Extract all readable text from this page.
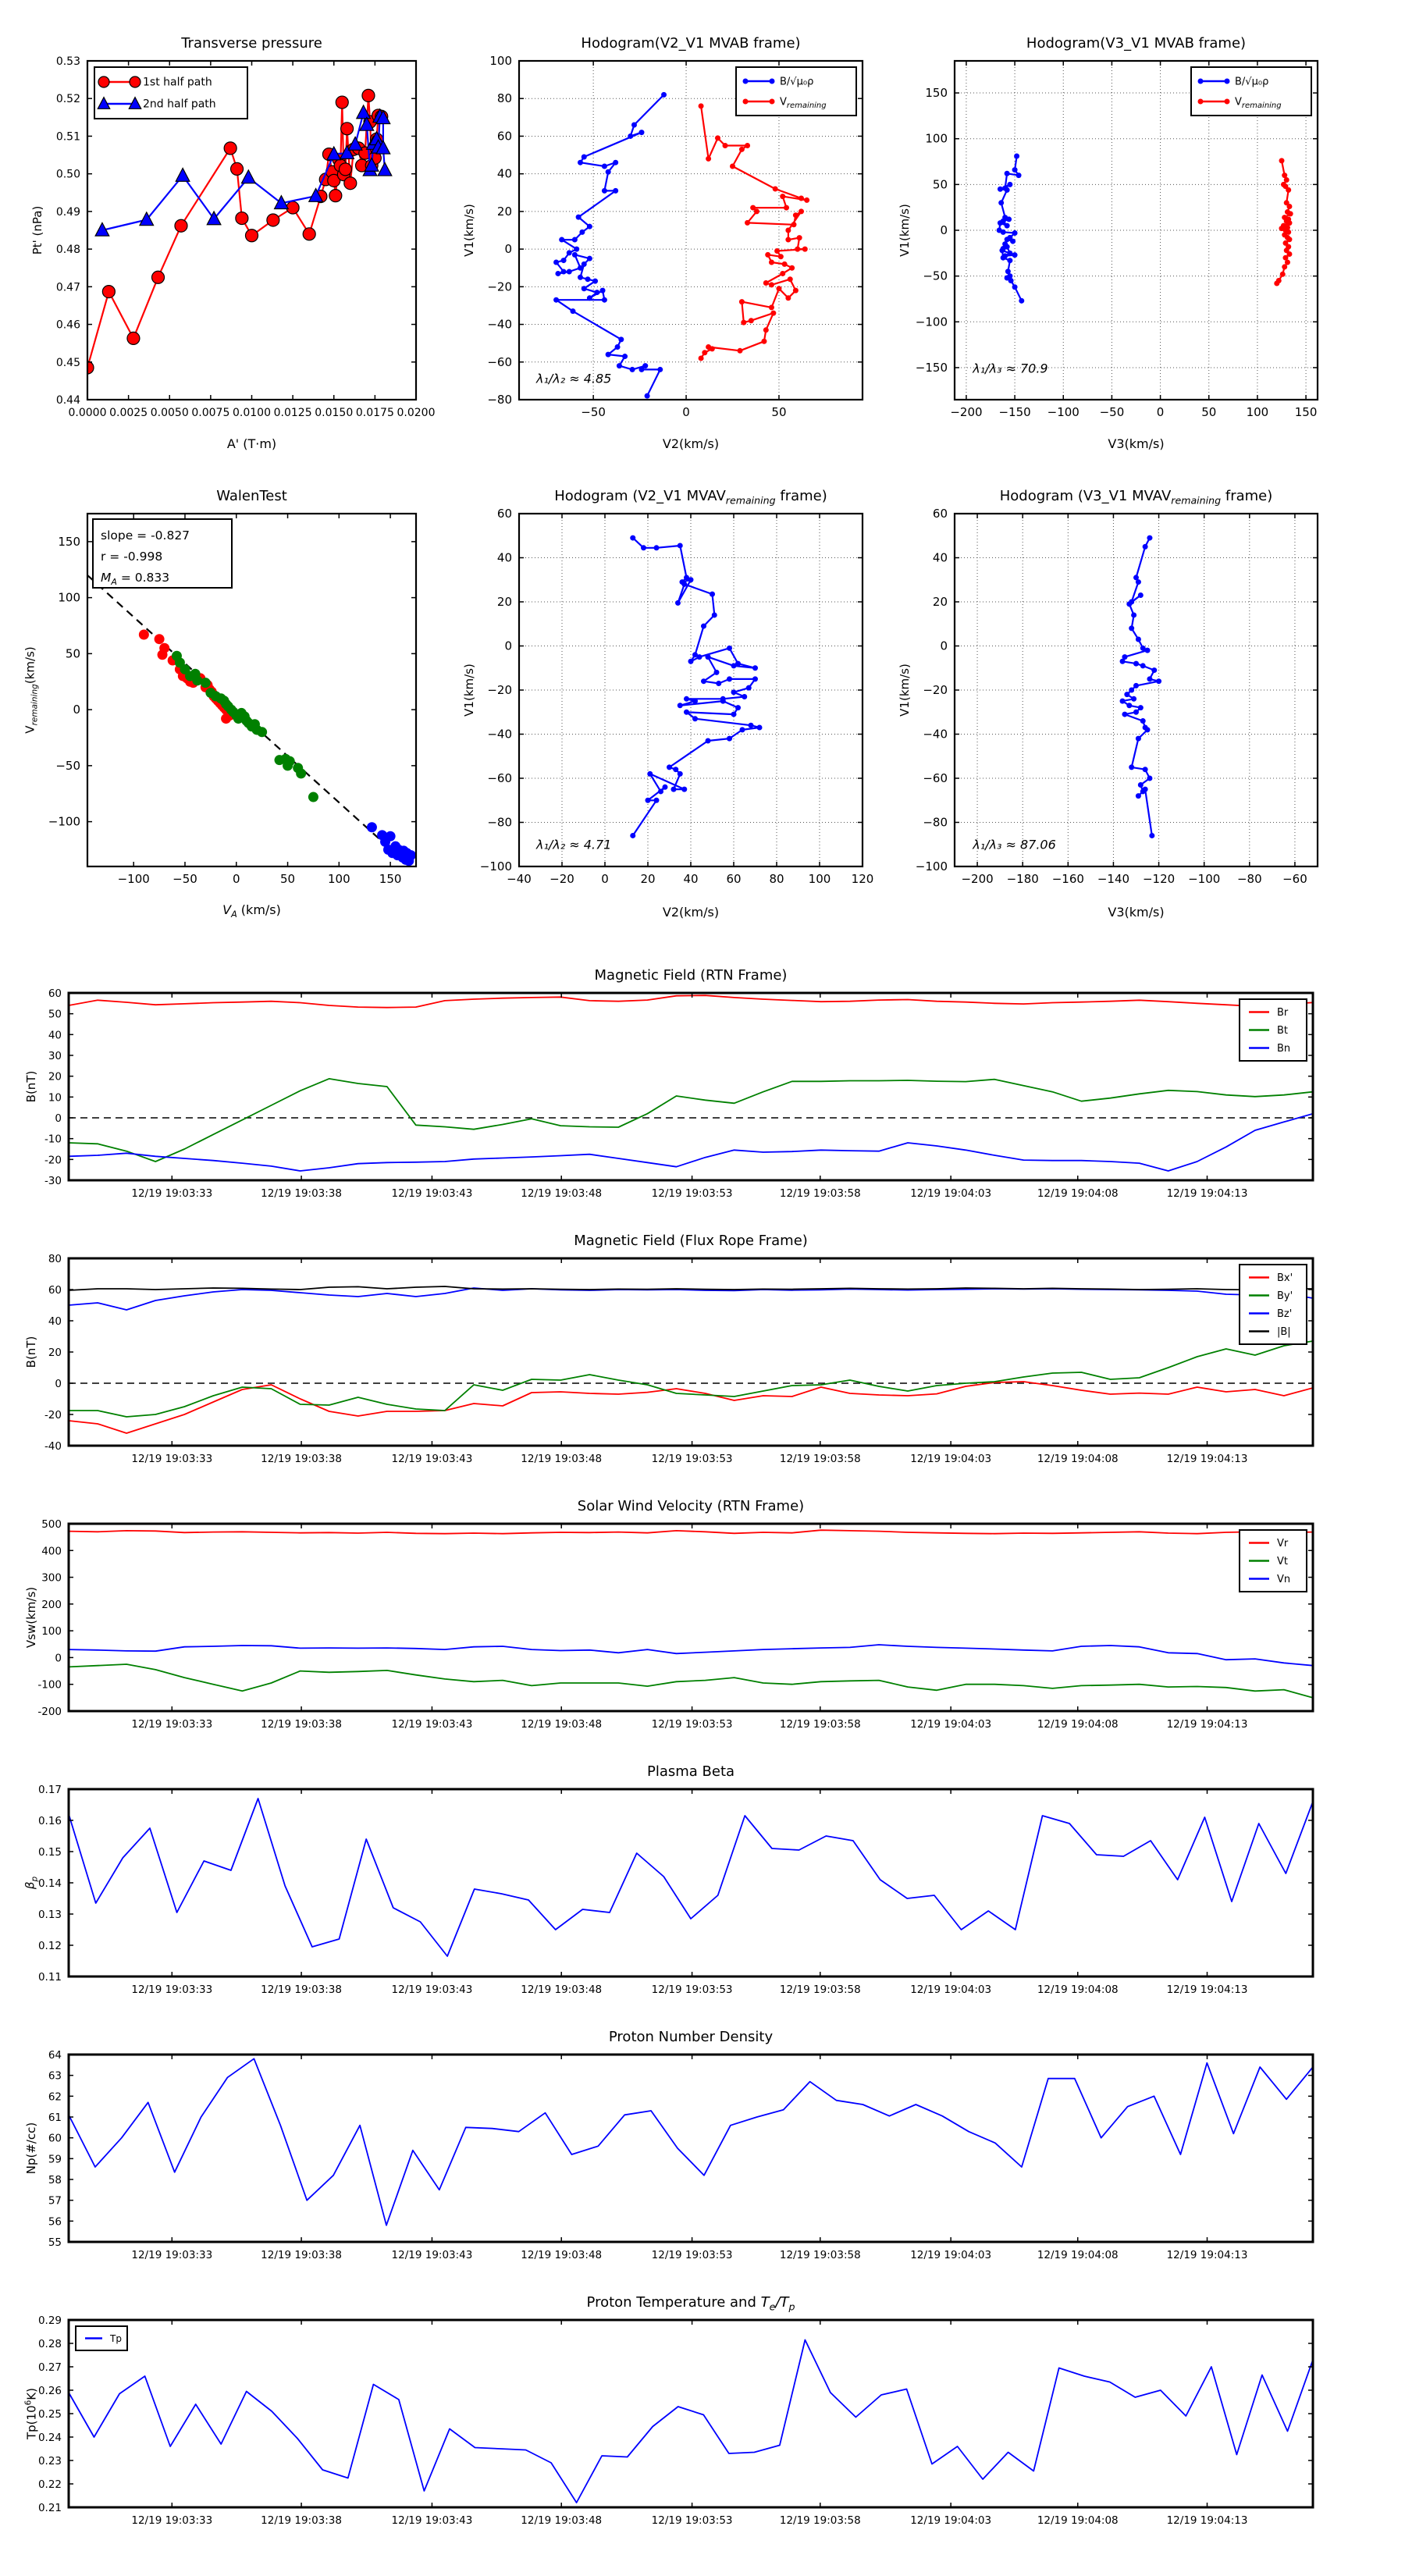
Transverse pressure
Pt' (nPa)
A' (T·m)
0.0000 0.0025 0.0050 0.0075 0.0100 0.0125 0.0150 0.0175 0.0200
0.44
0.45
0.46
0.47
0.48
0.49
0.50
0.51
0.52
0.53
1st half path
2nd half path
Hodogram(V2_V1 MVAB frame)
V1(km/s)
V2(km/s)
−50	0	50
−80
−60
−40
−20
0
20
40
60
80
100
λ₁/λ₂ ≈ 4.85
B/√μ₀ρ
$V_{remaining}$
Hodogram(V3_V1 MVAB frame)
V1(km/s)
V3(km/s)
−200 −150 −100 −50	0	50	100 150
−150
−100
−50
0
50
100
150
λ₁/λ₃ ≈ 70.9
B/√μ₀ρ
$V_{remaining}$
WalenTest
$V_{remaining}(km/s)$
$V_A$ (km/s)
−100 −50	0	50	100 150
−100
−50
0
50
100
150 slope = -0.827
r = -0.998
$M_A = 0.833$
Hodogram (V2_V1 $MVAV_{remaining}$ frame)
V1(km/s)
V2(km/s)
−40 −20 0	20 40 60 80 100 120
−100
−80
−60
−40
−20
0
20
40
60
λ₁/λ₂ ≈ 4.71
Hodogram (V3_V1 $MVAV_{remaining}$ frame)
V1(km/s)
V3(km/s)
−200 −180 −160 −140 −120 −100 −80 −60
−100
−80
−60
−40
−20
0
20
40
60
λ₁/λ₃ ≈ 87.06
Magnetic Field (RTN Frame)
B(nT)
12/19 19:03:33	12/19 19:03:38	12/19 19:03:43	12/19 19:03:48	12/19 19:03:53	12/19 19:03:58	12/19 19:04:03	12/19 19:04:08	12/19 19:04:13
-30
-20
-10
0
10
20
30
40
50
60
Br
Bt
Bn
Magnetic Field (Flux Rope Frame)
B(nT)
12/19 19:03:33	12/19 19:03:38	12/19 19:03:43	12/19 19:03:48	12/19 19:03:53	12/19 19:03:58	12/19 19:04:03	12/19 19:04:08	12/19 19:04:13
-40
-20
0
20
40
60
80
Bx'
By'
Bz'
|B|
Solar Wind Velocity (RTN Frame)
Vsw(km/s)
12/19 19:03:33	12/19 19:03:38	12/19 19:03:43	12/19 19:03:48	12/19 19:03:53	12/19 19:03:58	12/19 19:04:03	12/19 19:04:08	12/19 19:04:13
-200
-100
0
100
200
300
400
500
Vr
Vt
Vn
Plasma Beta
$\beta_p$
12/19 19:03:33	12/19 19:03:38	12/19 19:03:43	12/19 19:03:48	12/19 19:03:53	12/19 19:03:58	12/19 19:04:03	12/19 19:04:08	12/19 19:04:13
0.11
0.12
0.13
0.14
0.15
0.16
0.17
Proton Number Density
Np(#/cc)
12/19 19:03:33	12/19 19:03:38	12/19 19:03:43	12/19 19:03:48	12/19 19:03:53	12/19 19:03:58	12/19 19:04:03	12/19 19:04:08	12/19 19:04:13
55
56
57
58
59
60
61
62
63
64
Proton Temperature and $T_e/T_p$
$Tp(10^6K)$
12/19 19:03:33	12/19 19:03:38	12/19 19:03:43	12/19 19:03:48	12/19 19:03:53	12/19 19:03:58	12/19 19:04:03	12/19 19:04:08	12/19 19:04:13
0.21
0.22
0.23
0.24
0.25
0.26
0.27
0.28
0.29
Tp
